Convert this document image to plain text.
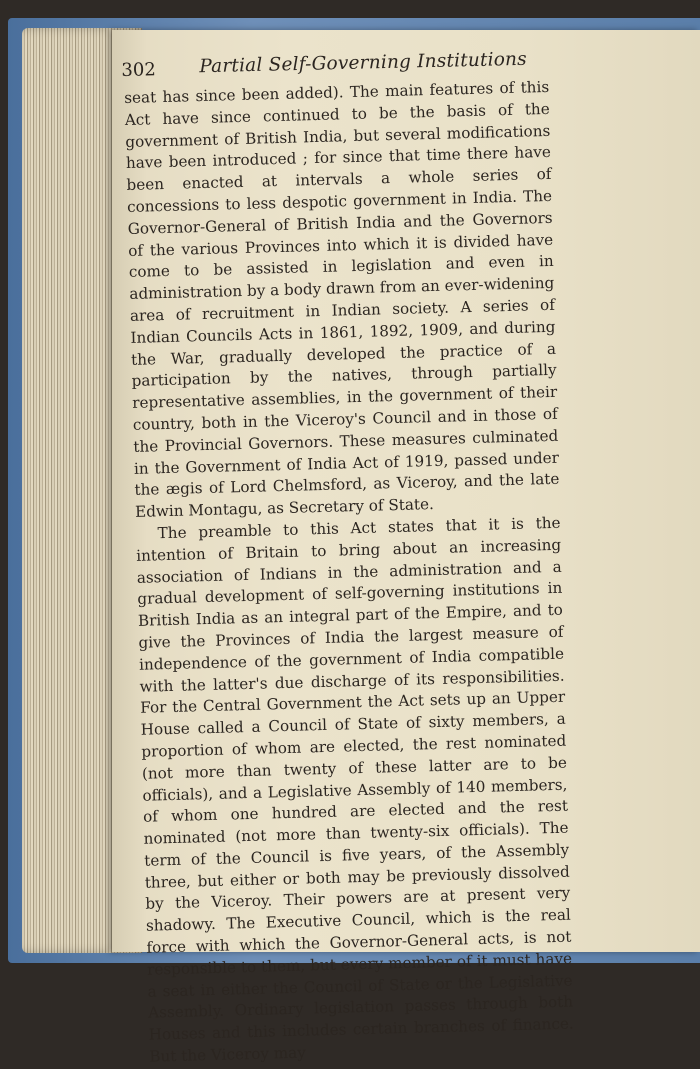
302 Partial Self-Governing Institutions

seat has since been added). The main features of this Act have since continued to be the basis of the government of British India, but several modifications have been introduced ; for since that time there have been enacted at intervals a whole series of concessions to less despotic government in India. The Governor-General of British India and the Governors of the various Provinces into which it is divided have come to be assisted in legislation and even in administration by a body drawn from an ever-widening area of recruitment in Indian society. A series of Indian Councils Acts in 1861, 1892, 1909, and during the War, gradually developed the practice of a participation by the natives, through partially representative assemblies, in the government of their country, both in the Viceroy's Council and in those of the Provincial Governors. These measures culminated in the Government of India Act of 1919, passed under the ægis of Lord Chelmsford, as Viceroy, and the late Edwin Montagu, as Secretary of State.

The preamble to this Act states that it is the intention of Britain to bring about an increasing association of Indians in the administration and a gradual development of self-governing institutions in British India as an integral part of the Empire, and to give the Provinces of India the largest measure of independence of the government of India compatible with the latter's due discharge of its responsibilities. For the Central Government the Act sets up an Upper House called a Council of State of sixty members, a proportion of whom are elected, the rest nominated (not more than twenty of these latter are to be officials), and a Legislative Assembly of 140 members, of whom one hundred are elected and the rest nominated (not more than twenty-six officials). The term of the Council is five years, of the Assembly three, but either or both may be previously dissolved by the Viceroy. Their powers are at present very shadowy. The Executive Council, which is the real force with which the Governor-General acts, is not responsible to them, but every member of it must have a seat in either the Council of State or the Legislative Assembly. Ordinary legislation passes through both Houses and this includes certain branches of finance. But the Viceroy may
